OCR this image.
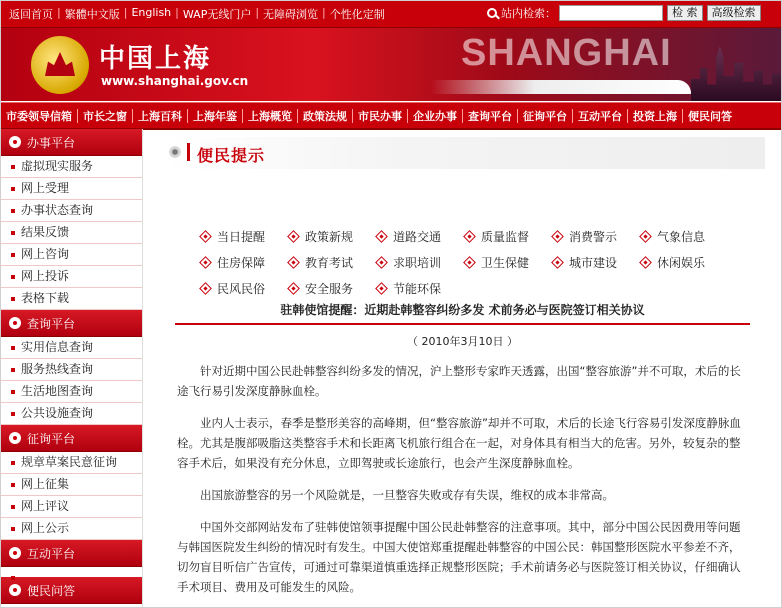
返回首页 | 繁體中文版 | English | WAP无线门户 | 无障碍浏览 | 个性化定制	站内检索：	检 索	高级检索
中国上海
www.shanghai.gov.cn
SHANGHAI
市委领导信箱	市长之窗	上海百科	上海年鉴	上海概览	政策法规	市民办事	企业办事	查询平台	征询平台	互动平台	投资上海	便民问答
办事平台
虚拟现实服务
网上受理
办事状态查询
结果反馈
网上咨询
网上投诉
表格下载
查询平台
实用信息查询
服务热线查询
生活地图查询
公共设施查询
征询平台
规章草案民意征询
网上征集
网上评议
网上公示
互动平台
便民问答
便民提示
当日提醒	政策新规	道路交通	质量监督	消费警示	气象信息
住房保障	教育考试	求职培训	卫生保健	城市建设	休闲娱乐
民风民俗	安全服务	节能环保
驻韩使馆提醒：近期赴韩整容纠纷多发 术前务必与医院签订相关协议
（ 2010年3月10日 ）

针对近期中国公民赴韩整容纠纷多发的情况，沪上整形专家昨天透露，出国“整容旅游”并不可取，术后的长途飞行易引发深度静脉血栓。

业内人士表示，春季是整形美容的高峰期，但“整容旅游”却并不可取，术后的长途飞行容易引发深度静脉血栓。尤其是腹部吸脂这类整容手术和长距离飞机旅行组合在一起，对身体具有相当大的危害。另外，较复杂的整容手术后，如果没有充分休息，立即驾驶或长途旅行，也会产生深度静脉血栓。

出国旅游整容的另一个风险就是，一旦整容失败或存有失误，维权的成本非常高。

中国外交部网站发布了驻韩使馆领事提醒中国公民赴韩整容的注意事项。其中，部分中国公民因费用等问题与韩国医院发生纠纷的情况时有发生。中国大使馆郑重提醒赴韩整容的中国公民：韩国整形医院水平参差不齐，切勿盲目听信广告宣传，可通过可靠渠道慎重选择正规整形医院；手术前请务必与医院签订相关协议，仔细确认手术项目、费用及可能发生的风险。
